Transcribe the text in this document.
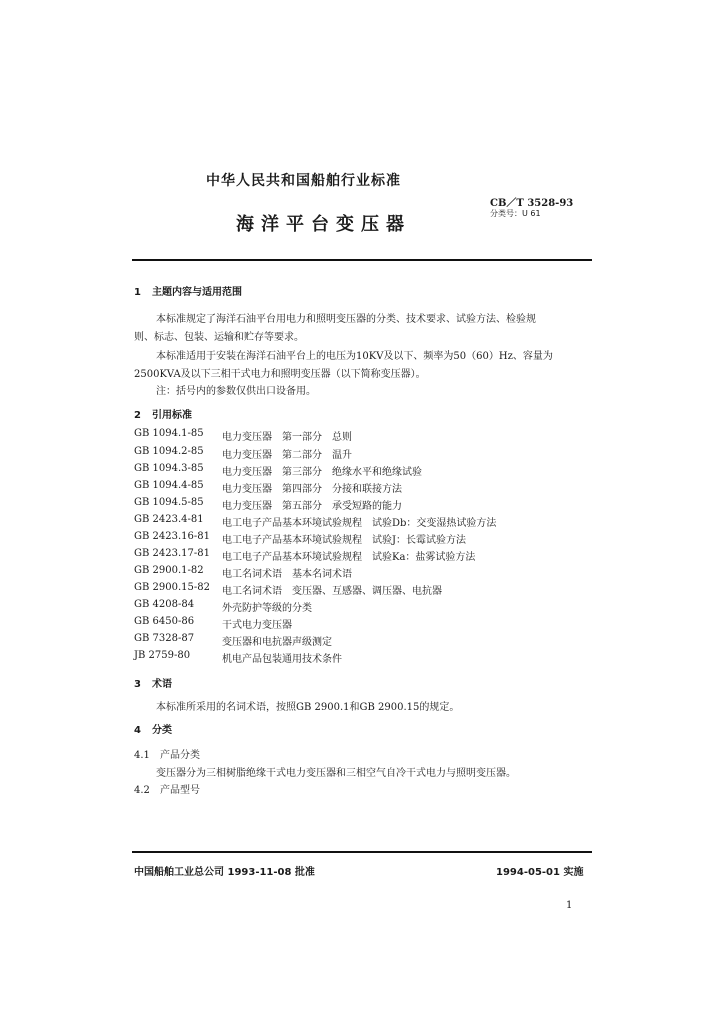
中华人民共和国船舶行业标准
CB／T 3528-93
分类号：U 61
海洋平台变压器
1 主题内容与适用范围
本标准规定了海洋石油平台用电力和照明变压器的分类、技术要求、试验方法、检验规
则、标志、包装、运输和贮存等要求。
本标准适用于安装在海洋石油平台上的电压为10KV及以下、频率为50（60）Hz、容量为
2500KVA及以下三相干式电力和照明变压器（以下简称变压器）。
注：括号内的参数仅供出口设备用。
2 引用标准
GB 1094.1-85 电力变压器　第一部分　总则
GB 1094.2-85 电力变压器　第二部分　温升
GB 1094.3-85 电力变压器　第三部分　绝缘水平和绝缘试验
GB 1094.4-85 电力变压器　第四部分　分接和联接方法
GB 1094.5-85 电力变压器　第五部分　承受短路的能力
GB 2423.4-81 电工电子产品基本环境试验规程　试验Db：交变湿热试验方法
GB 2423.16-81 电工电子产品基本环境试验规程　试验J：长霉试验方法
GB 2423.17-81 电工电子产品基本环境试验规程　试验Ka：盐雾试验方法
GB 2900.1-82 电工名词术语　基本名词术语
GB 2900.15-82 电工名词术语　变压器、互感器、调压器、电抗器
GB 4208-84	外壳防护等级的分类
GB 6450-86	干式电力变压器
GB 7328-87	变压器和电抗器声级测定
JB 2759-80	机电产品包装通用技术条件
3 术语
本标准所采用的名词术语，按照GB 2900.1和GB 2900.15的规定。
4 分类
4.1 产品分类
变压器分为三相树脂绝缘干式电力变压器和三相空气自冷干式电力与照明变压器。
4.2 产品型号
中国船舶工业总公司 1993-11-08 批准	1994-05-01 实施
1
